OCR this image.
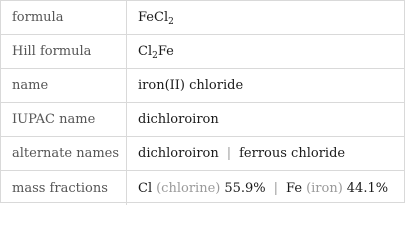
formula	FeCl 2
Hill formula	Cl 2 Fe
name	iron(II) chloride
IUPAC name	dichloroiron
alternate names	dichloroiron | ferrous chloride
mass fractions	Cl (chlorine) 55.9% | Fe (iron) 44.1%
